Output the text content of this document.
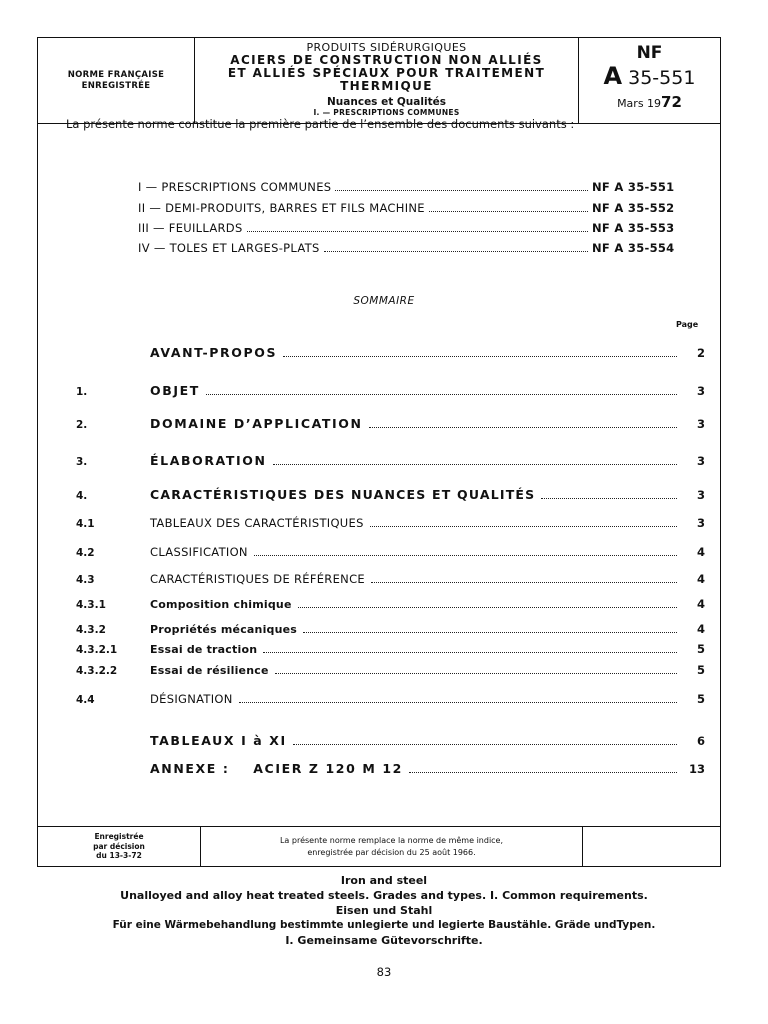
NORME FRANÇAISE
ENREGISTRÉE
PRODUITS SIDÉRURGIQUES
ACIERS DE CONSTRUCTION NON ALLIÉS
ET ALLIÉS SPÉCIAUX POUR TRAITEMENT
THERMIQUE
Nuances et Qualités
I. — PRESCRIPTIONS COMMUNES
NF
A 35-551
Mars 1972
Enregistrée
par décision
du 13-3-72
La présente norme remplace la norme de même indice,
enregistrée par décision du 25 août 1966.
La présente norme constitue la première partie de l’ensemble des documents suivants :
I — PRESCRIPTIONS COMMUNES	NF A 35-551
II — DEMI-PRODUITS, BARRES ET FILS MACHINE	NF A 35-552
III — FEUILLARDS	NF A 35-553
IV — TOLES ET LARGES-PLATS	NF A 35-554
SOMMAIRE
Page
AVANT-PROPOS	2
1.	OBJET	3
2.	DOMAINE D’APPLICATION	3
3.	ÉLABORATION	3
4.	CARACTÉRISTIQUES DES NUANCES ET QUALITÉS	3
4.1	TABLEAUX DES CARACTÉRISTIQUES	3
4.2	CLASSIFICATION	4
4.3	CARACTÉRISTIQUES DE RÉFÉRENCE	4
4.3.1	Composition chimique	4
4.3.2	Propriétés mécaniques	4
4.3.2.1	Essai de traction	5
4.3.2.2	Essai de résilience	5
4.4	DÉSIGNATION	5
TABLEAUX I à XI	6
ANNEXE :    ACIER Z 120 M 12	13
Iron and steel
Unalloyed and alloy heat treated steels. Grades and types. I. Common requirements.
Eisen und Stahl
Für eine Wärmebehandlung bestimmte unlegierte und legierte Baustähle. Gräde undTypen.
I. Gemeinsame Gütevorschrifte.
83
